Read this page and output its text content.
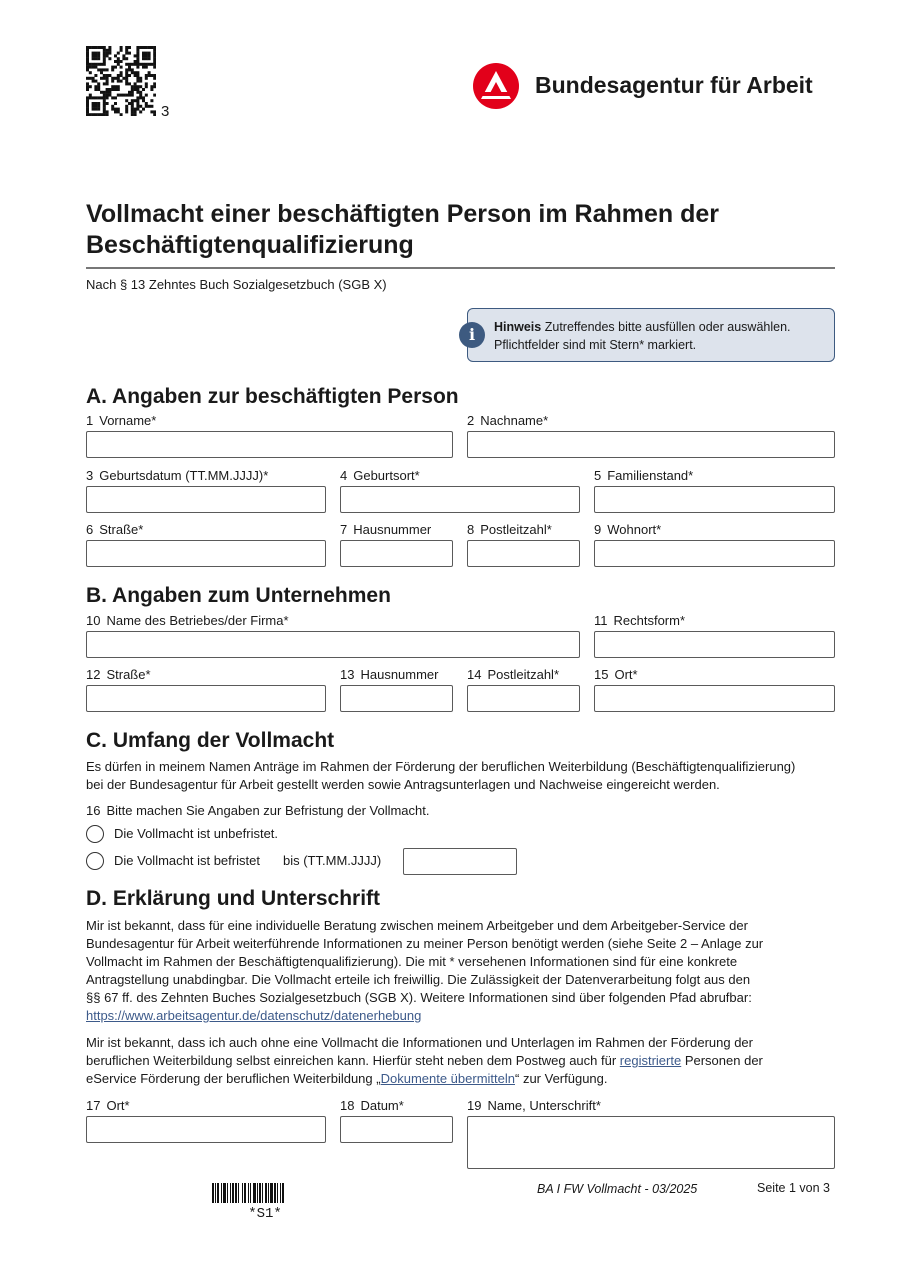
3
Bundesagentur für Arbeit
Vollmacht einer beschäftigten Person im Rahmen der
Beschäftigtenqualifizierung
Nach § 13 Zehntes Buch Sozialgesetzbuch (SGB X)
Hinweis Zutreffendes bitte ausfüllen oder auswählen.
Pflichtfelder sind mit Stern* markiert.
i
A. Angaben zur beschäftigten Person
1 Vorname*	2 Nachname*
3 Geburtsdatum (TT.MM.JJJJ)*	4 Geburtsort*	5 Familienstand*
6 Straße*	7 Hausnummer	8 Postleitzahl*	9 Wohnort*
B. Angaben zum Unternehmen
10 Name des Betriebes/der Firma*	11 Rechtsform*
12 Straße*	13 Hausnummer 14 Postleitzahl*	15 Ort*
C. Umfang der Vollmacht
Es dürfen in meinem Namen Anträge im Rahmen der Förderung der beruflichen Weiterbildung (Beschäftigtenqualifizierung)
bei der Bundesagentur für Arbeit gestellt werden sowie Antragsunterlagen und Nachweise eingereicht werden.
16 Bitte machen Sie Angaben zur Befristung der Vollmacht.
Die Vollmacht ist unbefristet.
Die Vollmacht ist befristet bis (TT.MM.JJJJ)
D. Erklärung und Unterschrift
Mir ist bekannt, dass für eine individuelle Beratung zwischen meinem Arbeitgeber und dem Arbeitgeber-Service der
Bundesagentur für Arbeit weiterführende Informationen zu meiner Person benötigt werden (siehe Seite 2 – Anlage zur
Vollmacht im Rahmen der Beschäftigtenqualifizierung). Die mit * versehenen Informationen sind für eine konkrete
Antragstellung unabdingbar. Die Vollmacht erteile ich freiwillig. Die Zulässigkeit der Datenverarbeitung folgt aus den
§§ 67 ff. des Zehnten Buches Sozialgesetzbuch (SGB X). Weitere Informationen sind über folgenden Pfad abrufbar:
https://www.arbeitsagentur.de/datenschutz/datenerhebung
Mir ist bekannt, dass ich auch ohne eine Vollmacht die Informationen und Unterlagen im Rahmen der Förderung der
beruflichen Weiterbildung selbst einreichen kann. Hierfür steht neben dem Postweg auch für registrierte Personen der
eService Förderung der beruflichen Weiterbildung „Dokumente übermitteln“ zur Verfügung.
17 Ort*	18 Datum*	19 Name, Unterschrift*
*S1*
BA I FW Vollmacht - 03/2025	Seite 1 von 3
